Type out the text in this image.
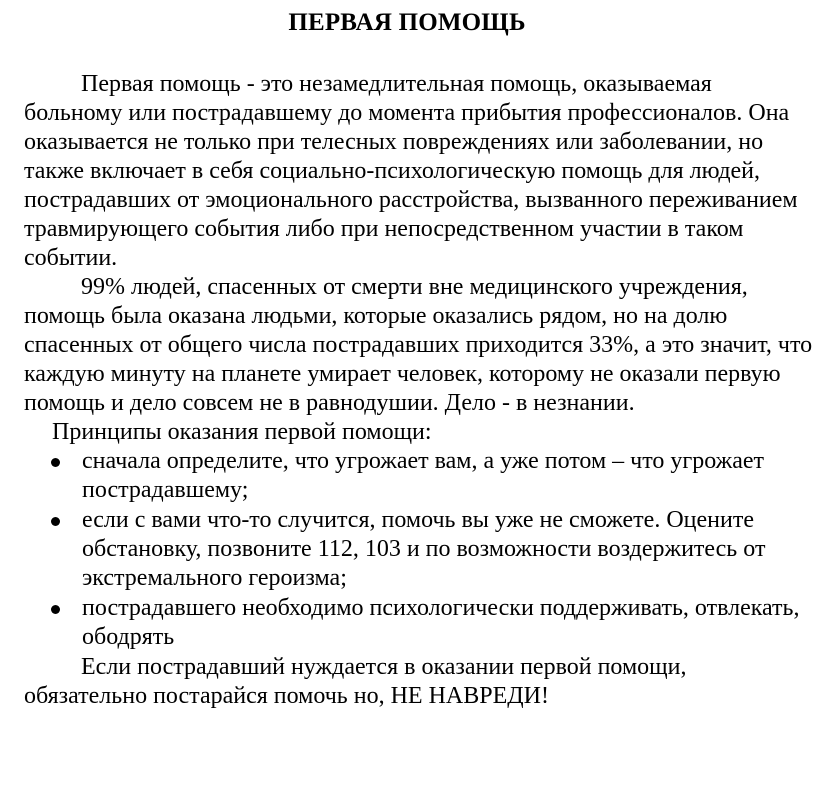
ПЕРВАЯ ПОМОЩЬ

Первая помощь - это незамедлительная помощь, оказываемая больному или пострадавшему до момента прибытия профессионалов. Она оказывается не только при телесных повреждениях или заболевании, но также включает в себя социально-психологическую помощь для людей, пострадавших от эмоционального расстройства, вызванного переживанием травмирующего события либо при непосредственном участии в таком событии.

99% людей, спасенных от смерти вне медицинского учреждения, помощь была оказана людьми, которые оказались рядом, но на долю спасенных от общего числа пострадавших приходится 33%, а это значит, что каждую минуту на планете умирает человек, которому не оказали первую помощь и дело совсем не в равнодушии. Дело - в незнании.

Принципы оказания первой помощи:

сначала определите, что угрожает вам, а уже потом – что угрожает пострадавшему;
если с вами что-то случится, помочь вы уже не сможете. Оцените обстановку, позвоните 112, 103 и по возможности воздержитесь от экстремального героизма;
пострадавшего необходимо психологически поддерживать, отвлекать, ободрять

Если пострадавший нуждается в оказании первой помощи, обязательно постарайся помочь но, НЕ НАВРЕДИ!
